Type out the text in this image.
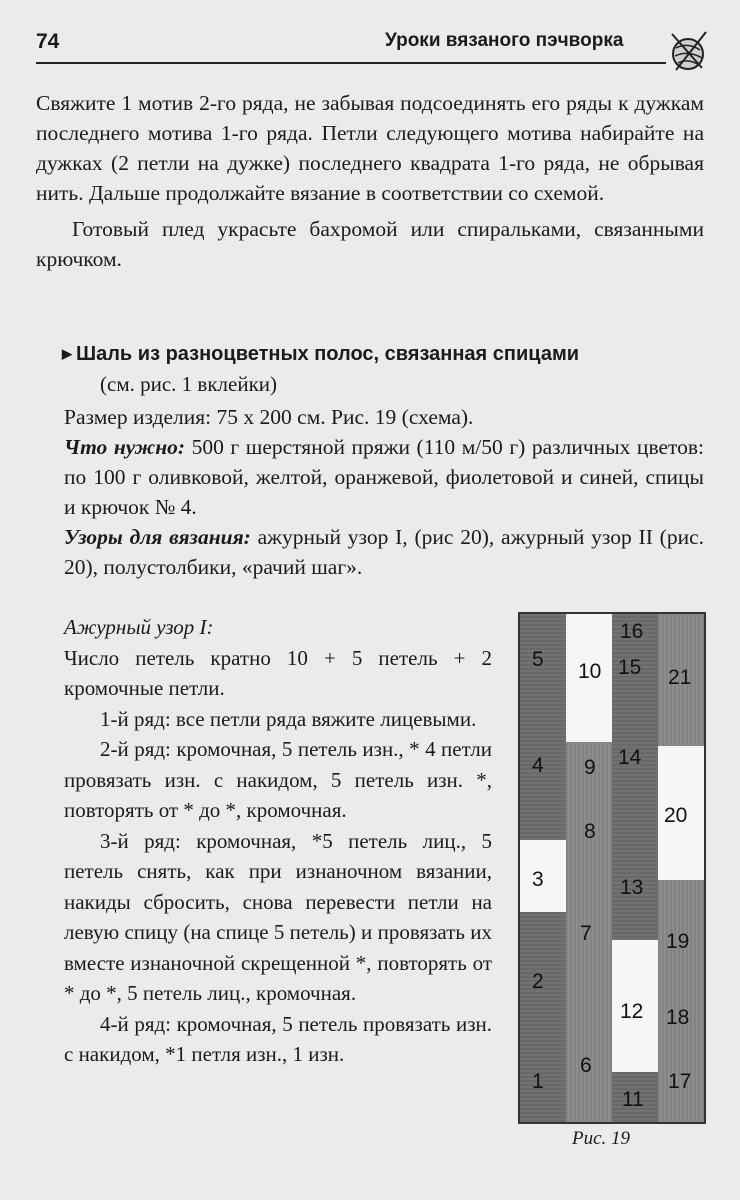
74	Уроки вязаного пэчворка

Свяжите 1 мотив 2-го ряда, не забывая подсоединять его ряды к дужкам последнего мотива 1-го ряда. Петли следующего мотива набирайте на дужках (2 петли на дужке) последнего квадрата 1-го ряда, не обрывая нить. Дальше продолжайте вязание в соответствии со схемой.

Готовый плед украсьте бахромой или спиральками, связанными крючком.

▶ Шаль из разноцветных полос, связанная спицами
(см. рис. 1 вклейки)

Размер изделия: 75 x 200 см. Рис. 19 (схема).

Что нужно: 500 г шерстяной пряжи (110 м/50 г) различных цветов: по 100 г оливковой, желтой, оранжевой, фиолетовой и синей, спицы и крючок № 4.

Узоры для вязания: ажурный узор I, (рис 20), ажурный узор II (рис. 20), полустолбики, «рачий шаг».

Ажурный узор I:

Число петель кратно 10 + 5 петель + 2 кромочные петли.

1-й ряд: все петли ряда вяжите лицевыми.

2-й ряд: кромочная, 5 петель изн., * 4 петли провязать изн. с накидом, 5 петель изн. *, повторять от * до *, кромочная.

3-й ряд: кромочная, *5 петель лиц., 5 петель снять, как при изнаночном вязании, накиды сбросить, снова перевести петли на левую спицу (на спице 5 петель) и провязать их вместе изнаночной скрещенной *, повторять от * до *, 5 петель лиц., кромочная.

4-й ряд: кромочная, 5 петель провязать изн. с накидом, *1 петля изн., 1 изн.

5
4
3
2
1
10
9
8
7
6
16
15
14
13
12
11
21
20
19
18
17
Рис. 19
